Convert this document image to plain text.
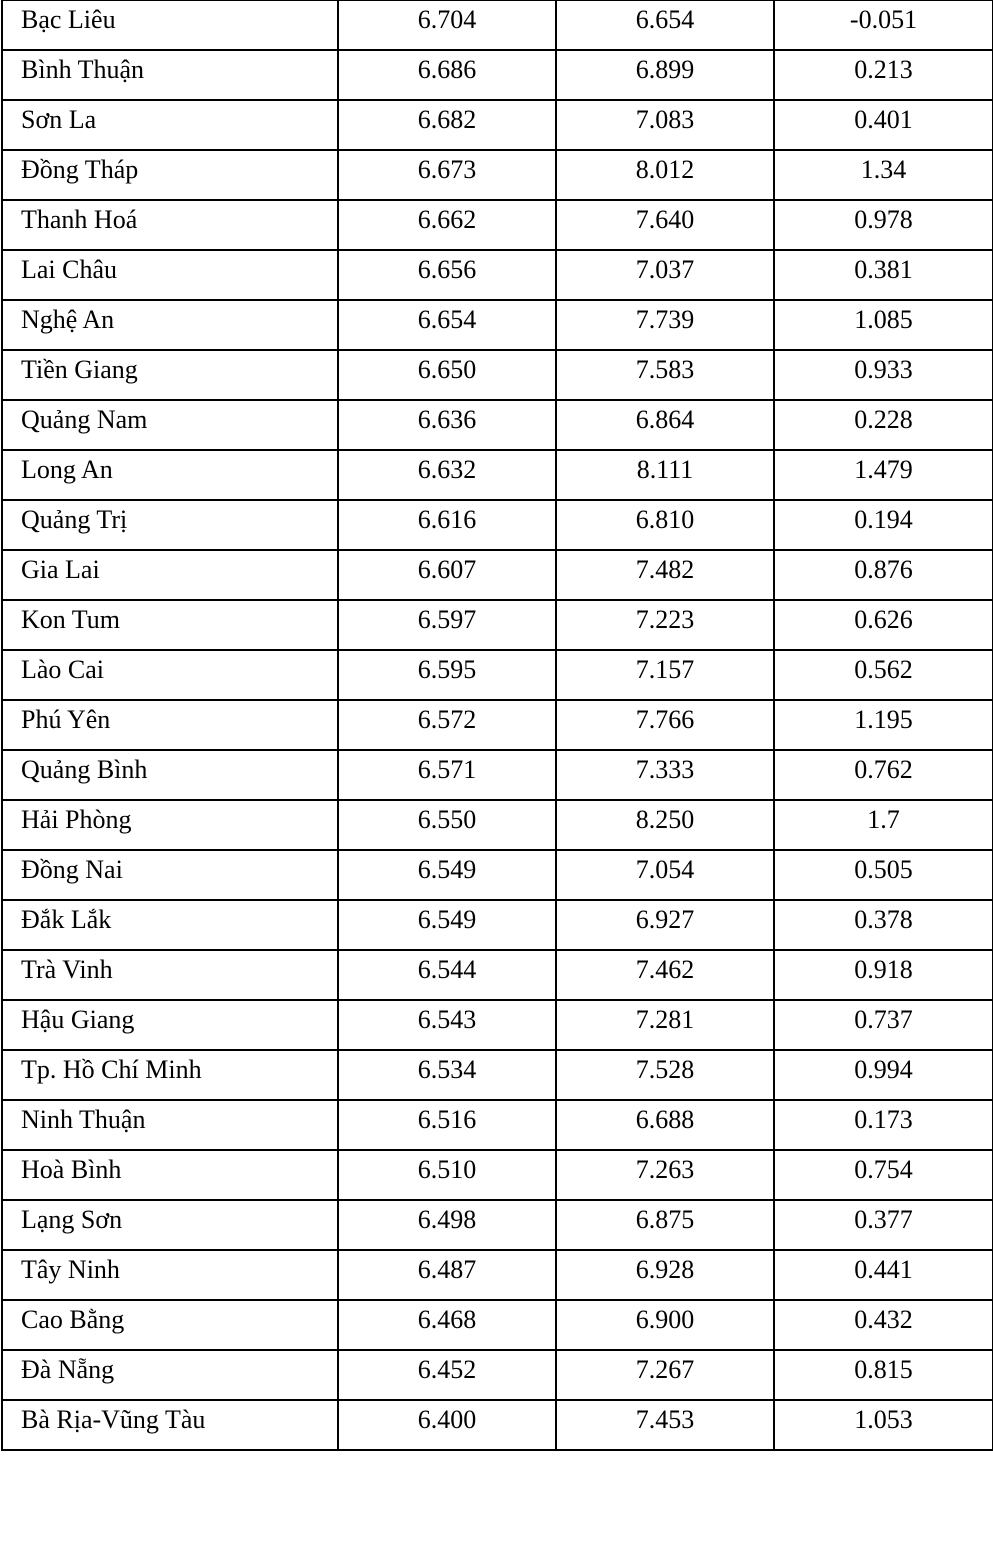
Bạc Liêu	6.704	6.654	-0.051

Bình Thuận	6.686	6.899	0.213

Sơn La	6.682	7.083	0.401

Đồng Tháp	6.673	8.012	1.34

Thanh Hoá	6.662	7.640	0.978

Lai Châu	6.656	7.037	0.381

Nghệ An	6.654	7.739	1.085

Tiền Giang	6.650	7.583	0.933

Quảng Nam	6.636	6.864	0.228

Long An	6.632	8.111	1.479

Quảng Trị	6.616	6.810	0.194

Gia Lai	6.607	7.482	0.876

Kon Tum	6.597	7.223	0.626

Lào Cai	6.595	7.157	0.562

Phú Yên	6.572	7.766	1.195

Quảng Bình	6.571	7.333	0.762

Hải Phòng	6.550	8.250	1.7

Đồng Nai	6.549	7.054	0.505

Đắk Lắk	6.549	6.927	0.378

Trà Vinh	6.544	7.462	0.918

Hậu Giang	6.543	7.281	0.737

Tp. Hồ Chí Minh	6.534	7.528	0.994

Ninh Thuận	6.516	6.688	0.173

Hoà Bình	6.510	7.263	0.754

Lạng Sơn	6.498	6.875	0.377

Tây Ninh	6.487	6.928	0.441

Cao Bằng	6.468	6.900	0.432

Đà Nẵng	6.452	7.267	0.815

Bà Rịa-Vũng Tàu	6.400	7.453	1.053
